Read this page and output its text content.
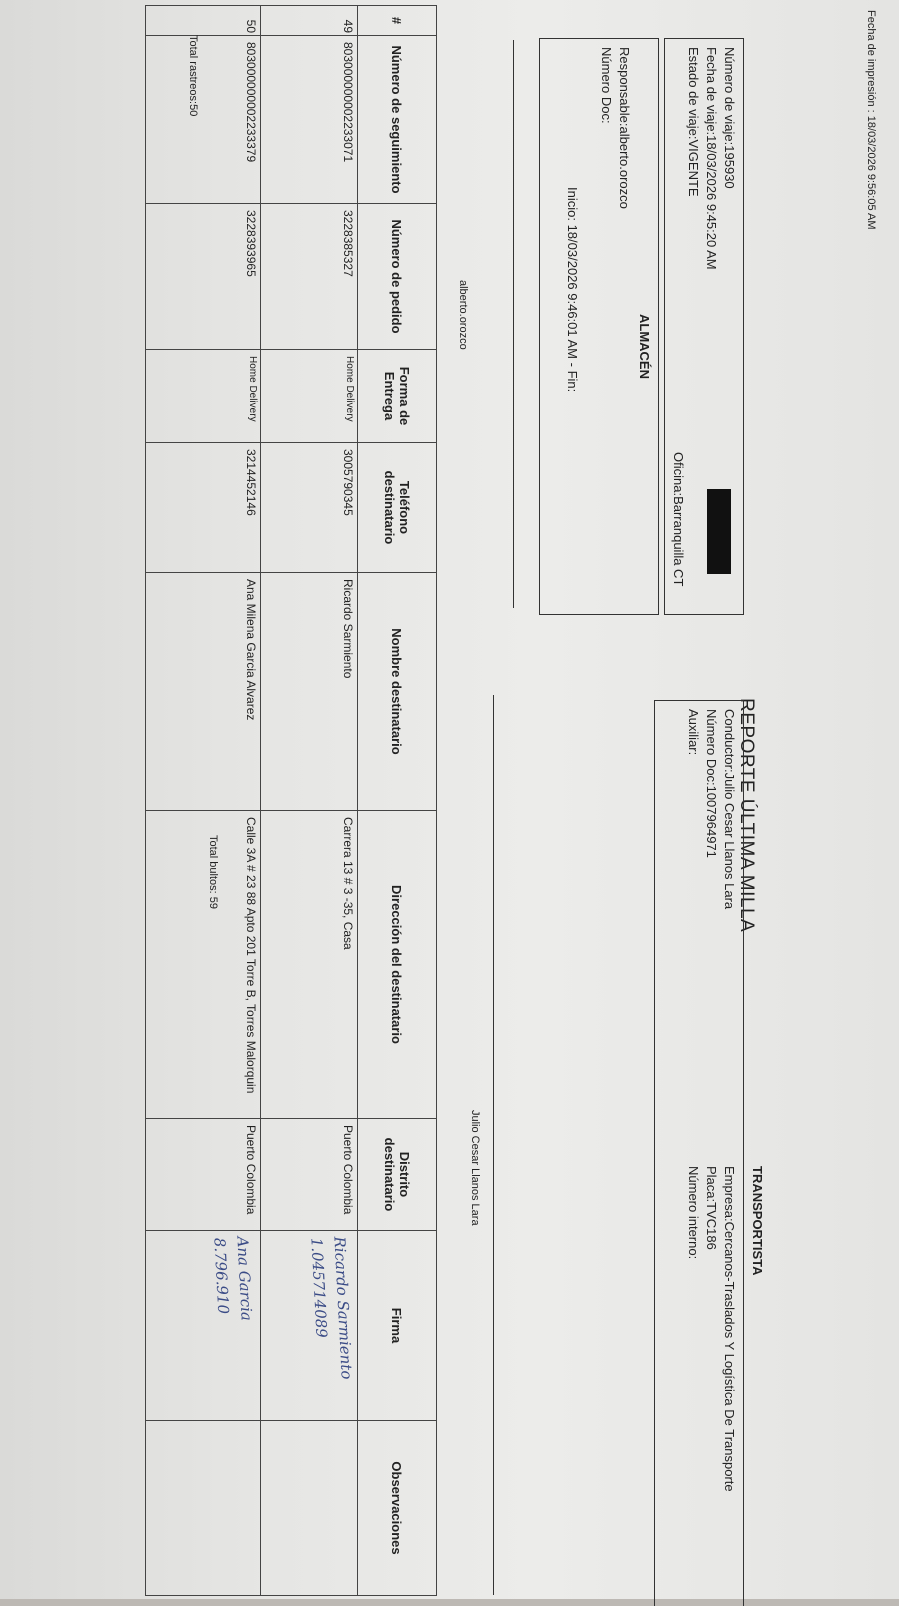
Fecha de impresión : 18/03/2026 9:56:05 AM
REPORTE ÚLTIMA MILLA
Número de viaje:195930
Fecha de viaje:18/03/2026 9:45:20 AM
Estado de viaje:VIGENTE
Oficina:Barranquilla CT
Conductor:Julio Cesar Llanos Lara
Número Doc:1007964971
Auxiliar:
TRANSPORTISTA
Empresa:Cercanos-Traslados Y Logística De Transporte
Placa:TVC186
Número interno:
ALMACÉN
Responsable:alberto.orozco
Número Doc:
Inicio: 18/03/2026 9:46:01 AM - Fin:
alberto.orozco
Julio Cesar Llanos Lara
#	Número de seguimiento	Número de pedido	Forma de Entrega	Teléfono destinatario	Nombre destinatario	Dirección del destinatario	Distrito destinatario	Firma	Observaciones
49	803000000002233071	3228385327	Home Delivery	3005790345	Ricardo Sarmiento	Carrera 13 # 3 -35, Casa	Puerto Colombia	Ricardo Sarmiento
1.045714089	

50	803000000002233379	3228393965	Home Delivery	3214452146	Ana Milena Garcia Alvarez	Calle 3A # 23 88 Apto 201 Torre B, Torres Malorquin	Puerto Colombia	Ana Garcia
8.796.910	

Total rastreos:50
Total bultos: 59
